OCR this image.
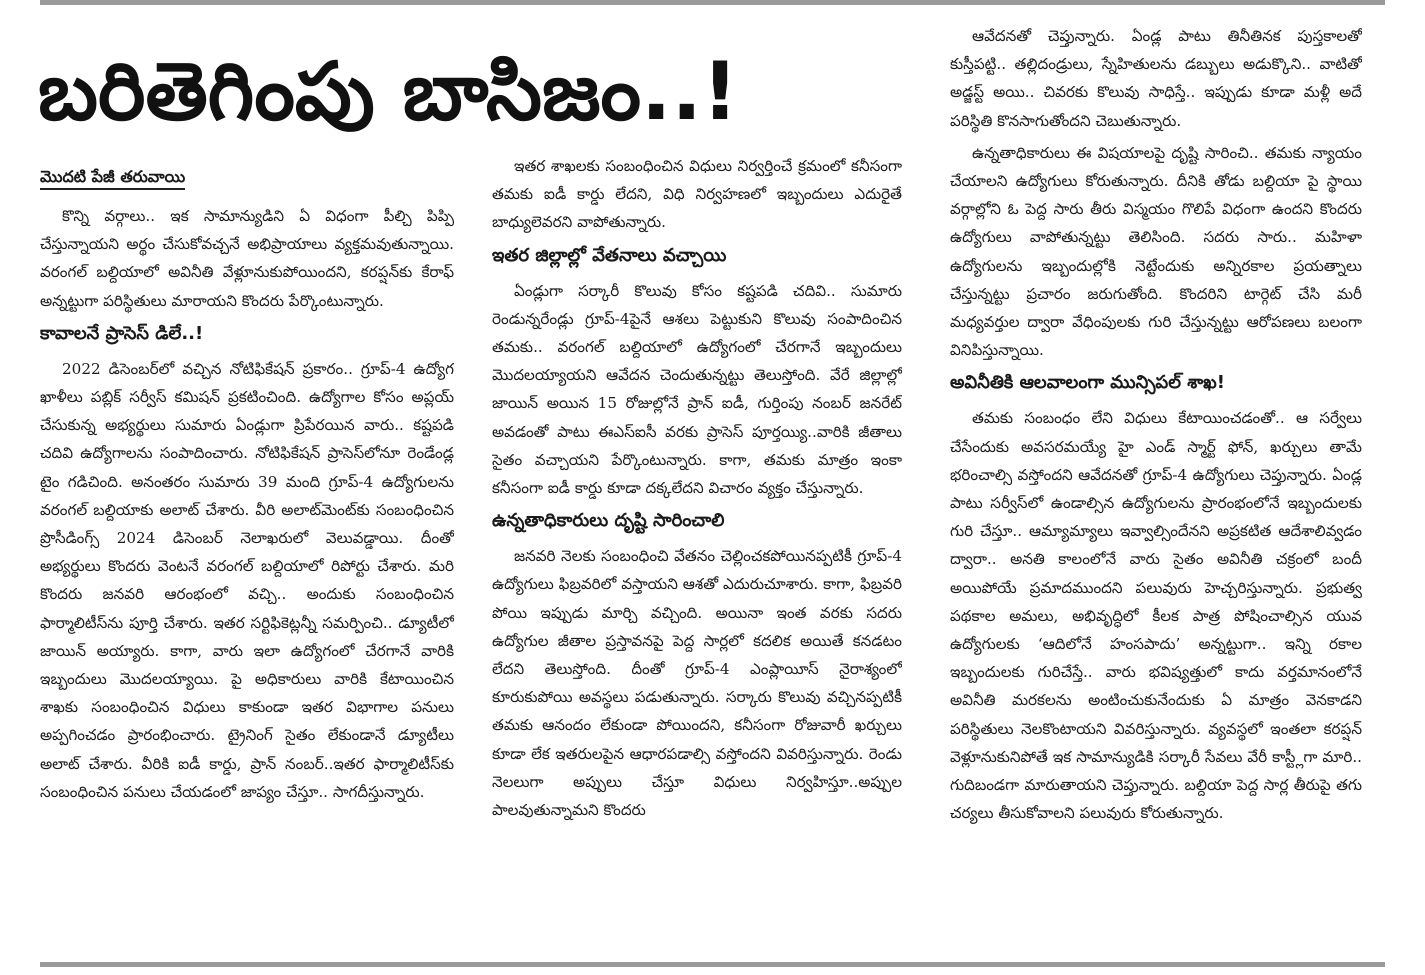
బరితెగింపు బాసిజం..!
మొదటి పేజీ తరువాయి

కొన్ని వర్గాలు.. ఇక సామాన్యుడిని ఏ విధంగా పీల్చి పిప్పి చేస్తున్నాయని అర్థం చేసుకోవచ్చనే అభిప్రాయాలు వ్యక్తమవుతున్నాయి. వరంగల్ బల్దియాలో అవినీతి వేళ్లూనుకుపోయిందని, కరప్షన్‌కు కేరాఫ్ అన్నట్టుగా పరిస్థితులు మారాయని కొందరు పేర్కొంటున్నారు.

కావాలనే ప్రాసెస్ డిలే..!

2022 డిసెంబర్‌లో వచ్చిన నోటిఫికేషన్ ప్రకారం.. గ్రూప్-4 ఉద్యోగ ఖాళీలు పబ్లిక్ సర్వీస్ కమిషన్ ప్రకటించింది. ఉద్యోగాల కోసం అప్లయ్ చేసుకున్న అభ్యర్థులు సుమారు ఏండ్లుగా ప్రిపేరయిన వారు.. కష్టపడి చదివి ఉద్యోగాలను సంపాదించారు. నోటిఫికేషన్ ప్రాసెస్‌లోనూ రెండేండ్ల టైం గడిచింది. అనంతరం సుమారు 39 మంది గ్రూప్-4 ఉద్యోగులను వరంగల్ బల్దియాకు అలాట్ చేశారు. వీరి అలాట్‌మెంట్‌కు సంబంధించిన ప్రొసీడింగ్స్ 2024 డిసెంబర్ నెలాఖరులో వెలువడ్డాయి. దీంతో అభ్యర్థులు కొందరు వెంటనే వరంగల్ బల్దియాలో రిపోర్టు చేశారు. మరి కొందరు జనవరి ఆరంభంలో వచ్చి.. అందుకు సంబంధించిన ఫార్మాలిటీస్‌ను పూర్తి చేశారు. ఇతర సర్టిఫికెట్లన్నీ సమర్పించి.. డ్యూటీలో జాయిన్ అయ్యారు. కాగా, వారు ఇలా ఉద్యోగంలో చేరగానే వారికి ఇబ్బందులు మొదలయ్యాయి. పై అధికారులు వారికి కేటాయించిన శాఖకు సంబంధించిన విధులు కాకుండా ఇతర విభాగాల పనులు అప్పగించడం ప్రారంభించారు. ట్రైనింగ్ సైతం లేకుండానే డ్యూటీలు అలాట్ చేశారు. వీరికి ఐడీ కార్డు, ప్రాన్ నంబర్..ఇతర ఫార్మాలిటీస్‌కు సంబంధించిన పనులు చేయడంలో జాప్యం చేస్తూ.. సాగదీస్తున్నారు.

ఇతర శాఖలకు సంబంధించిన విధులు నిర్వర్తించే క్రమంలో కనీసంగా తమకు ఐడీ కార్డు లేదని, విధి నిర్వహణలో ఇబ్బందులు ఎదురైతే బాధ్యులెవరని వాపోతున్నారు.

ఇతర జిల్లాల్లో వేతనాలు వచ్చాయి

ఏండ్లుగా సర్కారీ కొలువు కోసం కష్టపడి చదివి.. సుమారు రెండున్నరేండ్లు గ్రూప్-4పైనే ఆశలు పెట్టుకుని కొలువు సంపాదించిన తమకు.. వరంగల్ బల్దియాలో ఉద్యోగంలో చేరగానే ఇబ్బందులు మొదలయ్యాయని ఆవేదన చెందుతున్నట్టు తెలుస్తోంది. వేరే జిల్లాల్లో జాయిన్ అయిన 15 రోజుల్లోనే ప్రాన్ ఐడీ, గుర్తింపు నంబర్ జనరేట్ అవడంతో పాటు ఈఎస్‌ఐసీ వరకు ప్రాసెస్ పూర్తయ్యి..వారికి జీతాలు సైతం వచ్చాయని పేర్కొంటున్నారు. కాగా, తమకు మాత్రం ఇంకా కనీసంగా ఐడీ కార్డు కూడా దక్కలేదని విచారం వ్యక్తం చేస్తున్నారు.

ఉన్నతాధికారులు దృష్టి సారించాలి

జనవరి నెలకు సంబంధించి వేతనం చెల్లించకపోయినప్పటికీ గ్రూప్-4 ఉద్యోగులు ఫిబ్రవరిలో వస్తాయని ఆశతో ఎదురుచూశారు. కాగా, ఫిబ్రవరి పోయి ఇప్పుడు మార్చి వచ్చింది. అయినా ఇంత వరకు సదరు ఉద్యోగుల జీతాల ప్రస్తావనపై పెద్ద సార్లలో కదలిక అయితే కనడటం లేదని తెలుస్తోంది. దీంతో గ్రూప్-4 ఎంప్లాయీస్ నైరాశ్యంలో కూరుకుపోయి అవస్థలు పడుతున్నారు. సర్కారు కొలువు వచ్చినప్పటికీ తమకు ఆనందం లేకుండా పోయిందని, కనీసంగా రోజువారీ ఖర్చులు కూడా లేక ఇతరులపైన ఆధారపడాల్సి వస్తోందని వివరిస్తున్నారు. రెండు నెలలుగా అప్పులు చేస్తూ విధులు నిర్వహిస్తూ..అప్పుల పాలవుతున్నామని కొందరు

ఆవేదనతో చెప్తున్నారు. ఏండ్ల పాటు తినీతినక పుస్తకాలతో కుస్తీపట్టి.. తల్లిదండ్రులు, స్నేహితులను డబ్బులు అడుక్కొని.. వాటితో అడ్జస్ట్ అయి.. చివరకు కొలువు సాధిస్తే.. ఇప్పుడు కూడా మళ్లీ అదే పరిస్థితి కొనసాగుతోందని చెబుతున్నారు.

ఉన్నతాధికారులు ఈ విషయాలపై దృష్టి సారించి.. తమకు న్యాయం చేయాలని ఉద్యోగులు కోరుతున్నారు. దీనికి తోడు బల్దియా పై స్థాయి వర్గాల్లోని ఓ పెద్ద సారు తీరు విస్మయం గొలిపే విధంగా ఉందని కొందరు ఉద్యోగులు వాపోతున్నట్టు తెలిసింది. సదరు సారు.. మహిళా ఉద్యోగులను ఇబ్బందుల్లోకి నెట్టేందుకు అన్నిరకాల ప్రయత్నాలు చేస్తున్నట్టు ప్రచారం జరుగుతోంది. కొందరిని టార్గెట్ చేసి మరీ మధ్యవర్తుల ద్వారా వేధింపులకు గురి చేస్తున్నట్టు ఆరోపణలు బలంగా వినిపిస్తున్నాయి.

అవినీతికి ఆలవాలంగా మున్సిపల్ శాఖ!

తమకు సంబంధం లేని విధులు కేటాయించడంతో.. ఆ సర్వేలు చేసేందుకు అవసరమయ్యే హై ఎండ్ స్మార్ట్ ఫోన్, ఖర్చులు తామే భరించాల్సి వస్తోందని ఆవేదనతో గ్రూప్-4 ఉద్యోగులు చెప్తున్నారు. ఏండ్ల పాటు సర్వీస్‌లో ఉండాల్సిన ఉద్యోగులను ప్రారంభంలోనే ఇబ్బందులకు గురి చేస్తూ.. ఆమ్యామ్యాలు ఇవ్వాల్సిందేనని అప్రకటిత ఆదేశాలివ్వడం ద్వారా.. అనతి కాలంలోనే వారు సైతం అవినీతి చక్రంలో బందీ అయిపోయే ప్రమాదముందని పలువురు హెచ్చరిస్తున్నారు. ప్రభుత్వ పథకాల అమలు, అభివృద్ధిలో కీలక పాత్ర పోషించాల్సిన యువ ఉద్యోగులకు ‘ఆదిలోనే హంసపాదు’ అన్నట్టుగా.. ఇన్ని రకాల ఇబ్బందులకు గురిచేస్తే.. వారు భవిష్యత్తులో కాదు వర్తమానంలోనే అవినీతి మరకలను అంటించుకునేందుకు ఏ మాత్రం వెనకాడని పరిస్థితులు నెలకొంటాయని వివరిస్తున్నారు. వ్యవస్థలో ఇంతలా కరప్షన్ వెళ్లూనుకునిపోతే ఇక సామాన్యుడికి సర్కారీ సేవలు వేరీ కాస్ట్లీగా మారి.. గుదిబండగా మారుతాయని చెప్తున్నారు. బల్దియా పెద్ద సార్ల తీరుపై తగు చర్యలు తీసుకోవాలని పలువురు కోరుతున్నారు.
